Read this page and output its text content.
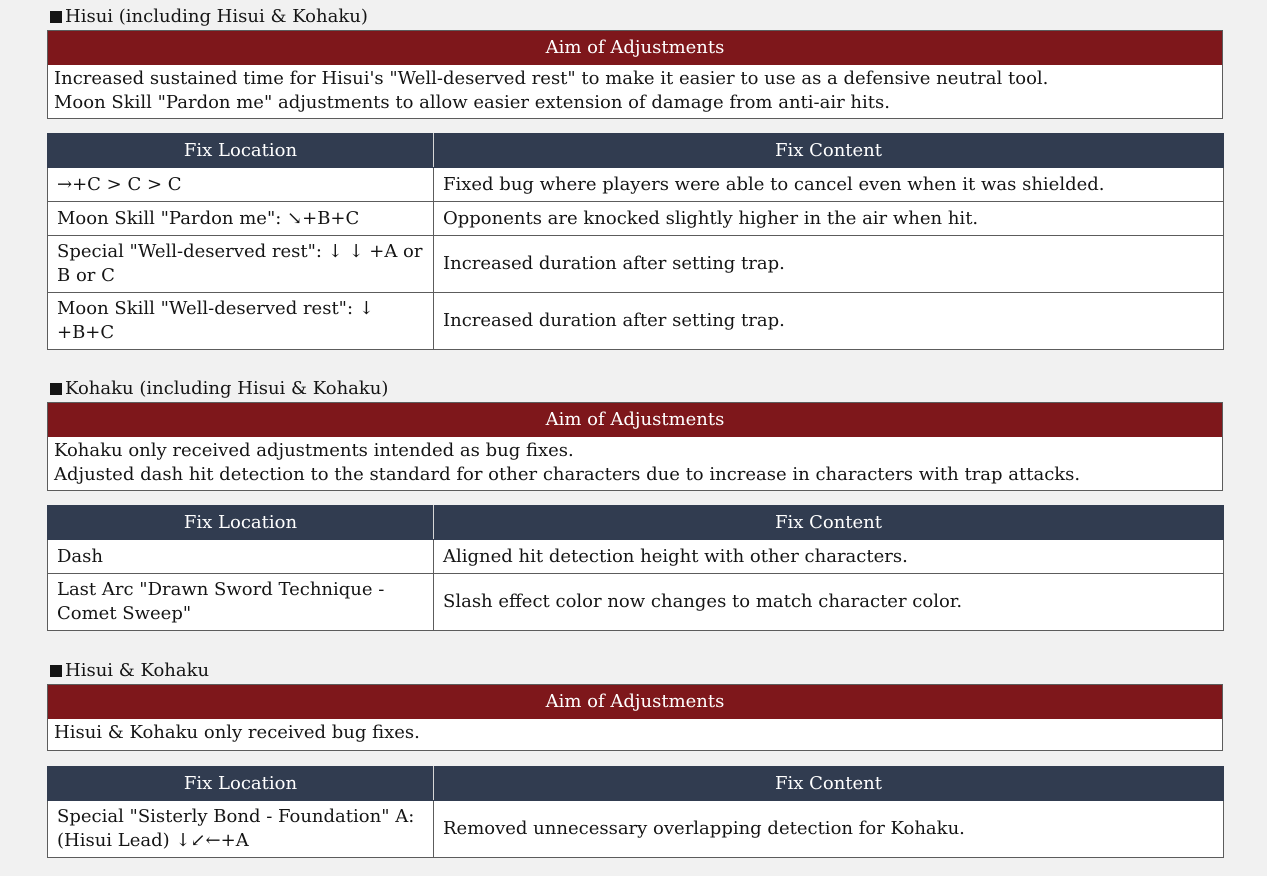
Hisui (including Hisui & Kohaku)
Aim of Adjustments
Increased sustained time for Hisui's "Well-deserved rest" to make it easier to use as a defensive neutral tool.
Moon Skill "Pardon me" adjustments to allow easier extension of damage from anti-air hits.
Fix Location	Fix Content
→+C > C > C	Fixed bug where players were able to cancel even when it was shielded.
Moon Skill "Pardon me": ↘+B+C	Opponents are knocked slightly higher in the air when hit.
Special "Well-deserved rest": ↓ ↓ +A or B or C	Increased duration after setting trap.
Moon Skill "Well-deserved rest": ↓ +B+C	Increased duration after setting trap.
Kohaku (including Hisui & Kohaku)
Aim of Adjustments
Kohaku only received adjustments intended as bug fixes.
Adjusted dash hit detection to the standard for other characters due to increase in characters with trap attacks.
Fix Location	Fix Content
Dash	Aligned hit detection height with other characters.
Last Arc "Drawn Sword Technique - Comet Sweep"	Slash effect color now changes to match character color.
Hisui & Kohaku
Aim of Adjustments
Hisui & Kohaku only received bug fixes.
Fix Location	Fix Content
Special "Sisterly Bond - Foundation" A: (Hisui Lead) ↓↙←+A	Removed unnecessary overlapping detection for Kohaku.
